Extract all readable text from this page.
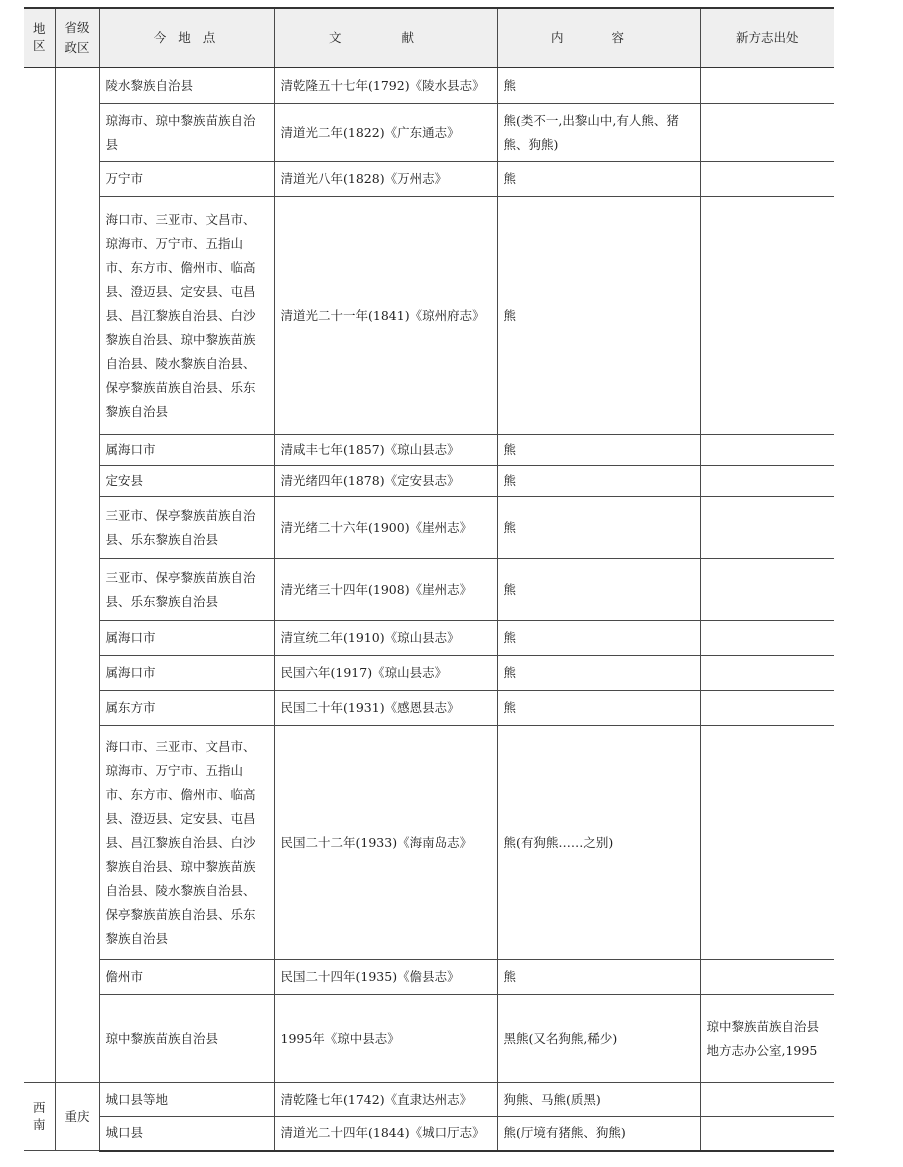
地区	省级政区	今 地 点	文 献	内 容	新方志出处
		陵水黎族自治县	清乾隆五十七年(1792)《陵水县志》	熊	
		琼海市、琼中黎族苗族自治县	清道光二年(1822)《广东通志》	熊(类不一,出黎山中,有人熊、猪熊、狗熊)	
		万宁市	清道光八年(1828)《万州志》	熊	
		海口市、三亚市、文昌市、琼海市、万宁市、五指山市、东方市、儋州市、临高县、澄迈县、定安县、屯昌县、昌江黎族自治县、白沙黎族自治县、琼中黎族苗族自治县、陵水黎族自治县、保亭黎族苗族自治县、乐东黎族自治县	清道光二十一年(1841)《琼州府志》	熊	
		属海口市	清咸丰七年(1857)《琼山县志》	熊	
		定安县	清光绪四年(1878)《定安县志》	熊	
		三亚市、保亭黎族苗族自治县、乐东黎族自治县	清光绪二十六年(1900)《崖州志》	熊	
		三亚市、保亭黎族苗族自治县、乐东黎族自治县	清光绪三十四年(1908)《崖州志》	熊	
		属海口市	清宣统二年(1910)《琼山县志》	熊	
		属海口市	民国六年(1917)《琼山县志》	熊	
		属东方市	民国二十年(1931)《感恩县志》	熊	
		海口市、三亚市、文昌市、琼海市、万宁市、五指山市、东方市、儋州市、临高县、澄迈县、定安县、屯昌县、昌江黎族自治县、白沙黎族自治县、琼中黎族苗族自治县、陵水黎族自治县、保亭黎族苗族自治县、乐东黎族自治县	民国二十二年(1933)《海南岛志》	熊(有狗熊……之别)	
		儋州市	民国二十四年(1935)《儋县志》	熊	
		琼中黎族苗族自治县	1995年《琼中县志》	黑熊(又名狗熊,稀少)	琼中黎族苗族自治县地方志办公室,1995
西南	重庆	城口县等地	清乾隆七年(1742)《直隶达州志》	狗熊、马熊(质黑)	
		城口县	清道光二十四年(1844)《城口厅志》	熊(厅境有猪熊、狗熊)	
